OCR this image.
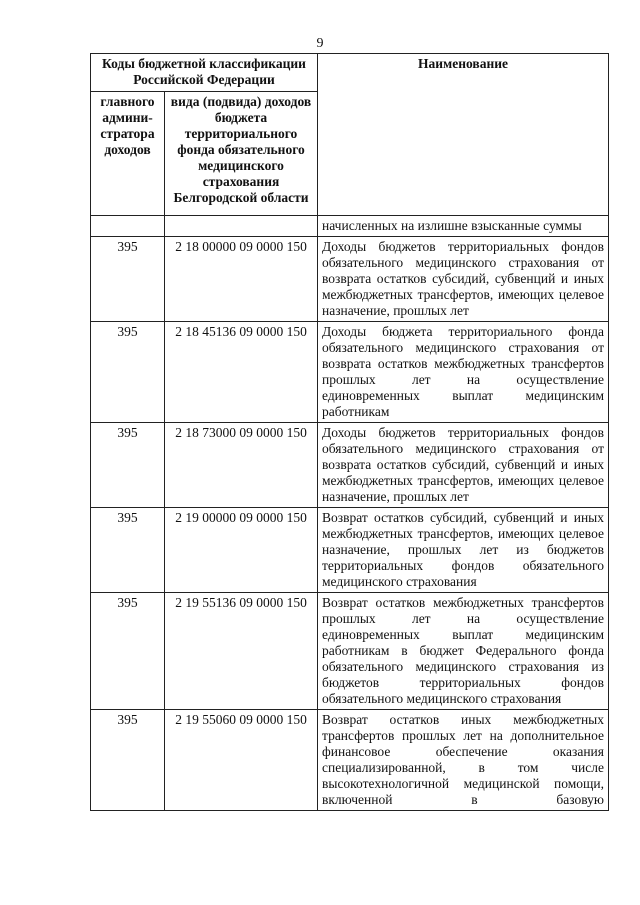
9
Коды бюджетной классификации Российской Федерации		Наименование
главного админи-стратора доходов	вида (подвида) доходов бюджета территориального фонда обязательного медицинского страхования Белгородской области	
		начисленных на излишне взысканные суммы
395	2 18 00000 09 0000 150	Доходы бюджетов территориальных фондов обязательного медицинского страхования от возврата остатков субсидий, субвенций и иных межбюджетных трансфертов, имеющих целевое назначение, прошлых лет
395	2 18 45136 09 0000 150	Доходы бюджета территориального фонда обязательного медицинского страхования от возврата остатков межбюджетных трансфертов прошлых лет на осуществление единовременных выплат медицинским работникам
395	2 18 73000 09 0000 150	Доходы бюджетов территориальных фондов обязательного медицинского страхования от возврата остатков субсидий, субвенций и иных межбюджетных трансфертов, имеющих целевое назначение, прошлых лет
395	2 19 00000 09 0000 150	Возврат остатков субсидий, субвенций и иных межбюджетных трансфертов, имеющих целевое назначение, прошлых лет из бюджетов территориальных фондов обязательного медицинского страхования
395	2 19 55136 09 0000 150	Возврат остатков межбюджетных трансфертов прошлых лет на осуществление единовременных выплат медицинским работникам в бюджет Федерального фонда обязательного медицинского страхования из бюджетов территориальных фондов обязательного медицинского страхования
395	2 19 55060 09 0000 150	Возврат остатков иных межбюджетных трансфертов прошлых лет на дополнительное финансовое обеспечение оказания специализированной, в том числе высокотехнологичной медицинской помощи, включенной в базовую
